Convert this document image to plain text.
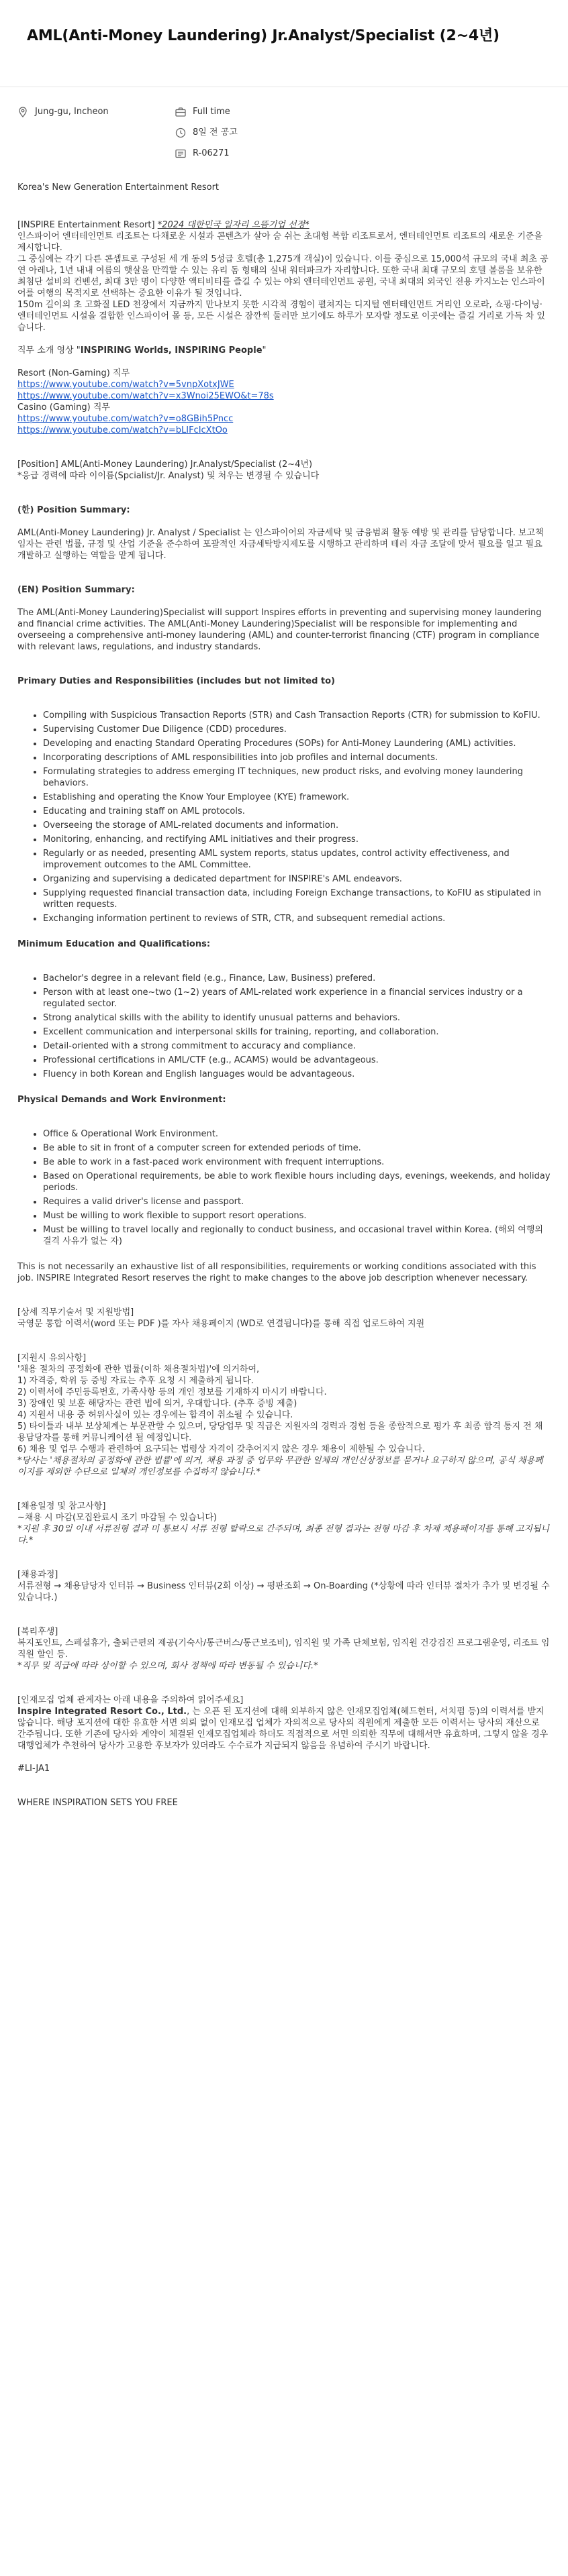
AML(Anti-Money Laundering) Jr.Analyst/Specialist (2~4년)
Jung-gu, Incheon	Full time
8일 전 공고
R-06271
Korea's New Generation Entertainment Resort

[INSPIRE Entertainment Resort] *2024 대한민국 일자리 으뜸기업 선정*

인스파이어 엔터테인먼트 리조트는 다채로운 시설과 콘텐츠가 살아 숨 쉬는 초대형 복합 리조트로서, 엔터테인먼트 리조트의 새로운 기준을 제시합니다.

그 중심에는 각기 다른 콘셉트로 구성된 세 개 동의 5성급 호텔(총 1,275개 객실)이 있습니다. 이를 중심으로 15,000석 규모의 국내 최초 공연 아레나, 1년 내내 여름의 햇살을 만끽할 수 있는 유리 돔 형태의 실내 워터파크가 자리합니다. 또한 국내 최대 규모의 호텔 볼룸을 보유한 최첨단 설비의 컨벤션, 최대 3만 명이 다양한 액티비티를 즐길 수 있는 야외 엔터테인먼트 공원, 국내 최대의 외국인 전용 카지노는 인스파이어를 여행의 목적지로 선택하는 중요한 이유가 될 것입니다.

150m 길이의 초 고화질 LED 천장에서 지금까지 만나보지 못한 시각적 경험이 펼쳐지는 디지털 엔터테인먼트 거리인 오로라, 쇼핑·다이닝·엔터테인먼트 시설을 결합한 인스파이어 몰 등, 모든 시설은 잠깐씩 둘러만 보기에도 하루가 모자랄 정도로 이곳에는 즐길 거리로 가득 차 있습니다.

직무 소개 영상 "INSPIRING Worlds, INSPIRING People"

Resort (Non-Gaming) 직무

https://www.youtube.com/watch?v=5vnpXotxJWE
https://www.youtube.com/watch?v=x3Wnoi25EWO&t=78s

Casino (Gaming) 직무

https://www.youtube.com/watch?v=o8GBih5Pncc
https://www.youtube.com/watch?v=bLIFcIcXtOo

[Position] AML(Anti-Money Laundering) Jr.Analyst/Specialist (2~4년)

*응급 경력에 따라 이이름(Spcialist/Jr. Analyst) 및 처우는 변경될 수 있습니다

(한) Position Summary:

AML(Anti-Money Laundering) Jr. Analyst / Specialist 는 인스파이어의 자금세탁 및 금융범죄 활동 예방 및 관리를 담당합니다. 보고책임자는 관련 법률, 규정 및 산업 기준을 준수하여 포괄적인 자금세탁방지제도를 시행하고 관리하며 테러 자금 조달에 맞서 필요를 일고 필요 개발하고 실행하는 역할을 맡게 됩니다.

(EN) Position Summary:

The AML(Anti-Money Laundering)Specialist will support Inspires efforts in preventing and supervising money laundering and financial crime activities. The AML(Anti-Money Laundering)Specialist will be responsible for implementing and overseeing a comprehensive anti-money laundering (AML) and counter-terrorist financing (CTF) program in compliance with relevant laws, regulations, and industry standards.

Primary Duties and Responsibilities (includes but not limited to)

• Compiling with Suspicious Transaction Reports (STR) and Cash Transaction Reports (CTR) for submission to KoFIU.
• Supervising Customer Due Diligence (CDD) procedures.
• Developing and enacting Standard Operating Procedures (SOPs) for Anti-Money Laundering (AML) activities.
• Incorporating descriptions of AML responsibilities into job profiles and internal documents.
• Formulating strategies to address emerging IT techniques, new product risks, and evolving money laundering behaviors.
• Establishing and operating the Know Your Employee (KYE) framework.
• Educating and training staff on AML protocols.
• Overseeing the storage of AML-related documents and information.
• Monitoring, enhancing, and rectifying AML initiatives and their progress.
• Regularly or as needed, presenting AML system reports, status updates, control activity effectiveness, and improvement outcomes to the AML Committee.
• Organizing and supervising a dedicated department for INSPIRE's AML endeavors.
• Supplying requested financial transaction data, including Foreign Exchange transactions, to KoFIU as stipulated in written requests.
• Exchanging information pertinent to reviews of STR, CTR, and subsequent remedial actions.

Minimum Education and Qualifications:

• Bachelor's degree in a relevant field (e.g., Finance, Law, Business) prefered.
• Person with at least one~two (1~2) years of AML-related work experience in a financial services industry or a regulated sector.
• Strong analytical skills with the ability to identify unusual patterns and behaviors.
• Excellent communication and interpersonal skills for training, reporting, and collaboration.
• Detail-oriented with a strong commitment to accuracy and compliance.
• Professional certifications in AML/CTF (e.g., ACAMS) would be advantageous.
• Fluency in both Korean and English languages would be advantageous.

Physical Demands and Work Environment:

• Office & Operational Work Environment.
• Be able to sit in front of a computer screen for extended periods of time.
• Be able to work in a fast-paced work environment with frequent interruptions.
• Based on Operational requirements, be able to work flexible hours including days, evenings, weekends, and holiday periods.
• Requires a valid driver's license and passport.
• Must be willing to work flexible to support resort operations.
• Must be willing to travel locally and regionally to conduct business, and occasional travel within Korea. (해외 여행의 결격 사유가 없는 자)

This is not necessarily an exhaustive list of all responsibilities, requirements or working conditions associated with this job. INSPIRE Integrated Resort reserves the right to make changes to the above job description whenever necessary.

[상세 직무기술서 및 지원방법]

국영문 통합 이력서(word 또는 PDF )를 자사 채용페이지 (WD로 연결됩니다)를 통해 직접 업로드하여 지원

[지원시 유의사항]

'채용 절차의 공정화에 관한 법률(이하 채용절차법)'에 의거하여,

1) 자격증, 학위 등 증빙 자료는 추후 요청 시 제출하게 됩니다.

2) 이력서에 주민등록번호, 가족사항 등의 개인 정보를 기재하지 마시기 바랍니다.

3) 장애인 및 보훈 해당자는 관련 법에 의거, 우대합니다. (추후 증빙 제출)

4) 지원서 내용 중 허위사실이 있는 경우에는 합격이 취소될 수 있습니다.

5) 타이틀과 내부 보상체계는 부문관할 수 있으며, 당당업무 및 직급은 지원자의 경력과 경험 등을 종합적으로 평가 후 최종 합격 통지 전 채용담당자를 통해 커뮤니케이션 될 예정입니다.

6) 채용 및 업무 수행과 관련하여 요구되는 법령상 자격이 갖추어지지 않은 경우 채용이 제한될 수 있습니다.

*당사는 '채용절차의 공정화에 관한 법률'에 의거, 채용 과정 중 업무와 무관한 일체의 개인신상정보를 묻거나 요구하지 않으며, 공식 채용페이지를 제외한 수단으로 일체의 개인정보를 수집하지 않습니다.*

[채용일정 및 참고사항]

~채용 시 마감(모집완료시 조기 마감될 수 있습니다)

*지원 후 30일 이내 서류전형 결과 미 통보시 서류 전형 탈락으로 간주되며, 최종 전형 결과는 전형 마감 후 차제 채용페이지를 통해 고지됩니다.*

[채용과정]

서류전형 → 채용담당자 인터뷰 → Business 인터뷰(2회 이상) → 평판조회 → On-Boarding (*상황에 따라 인터뷰 절차가 추가 및 변경될 수 있습니다.)

[복리후생]

복지포인트, 스페셜휴가, 출퇴근편의 제공(기숙사/통근버스/통근보조비), 임직원 및 가족 단체보험, 임직원 건강검진 프로그램운영, 리조트 임직원 할인 등.

*직무 및 직급에 따라 상이할 수 있으며, 회사 정책에 따라 변동될 수 있습니다.*

[인재모집 업체 관계자는 아래 내용을 주의하여 읽어주세요]

Inspire Integrated Resort Co., Ltd., 는 오픈 된 포지션에 대해 외부하지 않은 인재모집업체(헤드헌터, 서치펌 등)의 이력서를 받지 않습니다. 해당 포지션에 대한 유효한 서면 의뢰 없이 인재모집 업체가 자의적으로 당사의 직원에게 제출한 모든 이력서는 당사의 재산으로 간주됩니다. 또한 기존에 당사와 계약이 체결된 인재모집업체라 하더도 직접적으로 서면 의뢰한 직무에 대해서만 유효하며, 그렇지 않을 경우 대행업체가 추천하여 당사가 고용한 후보자가 있더라도 수수료가 지급되지 않음을 유념하여 주시기 바랍니다.

#LI-JA1

WHERE INSPIRATION SETS YOU FREE
